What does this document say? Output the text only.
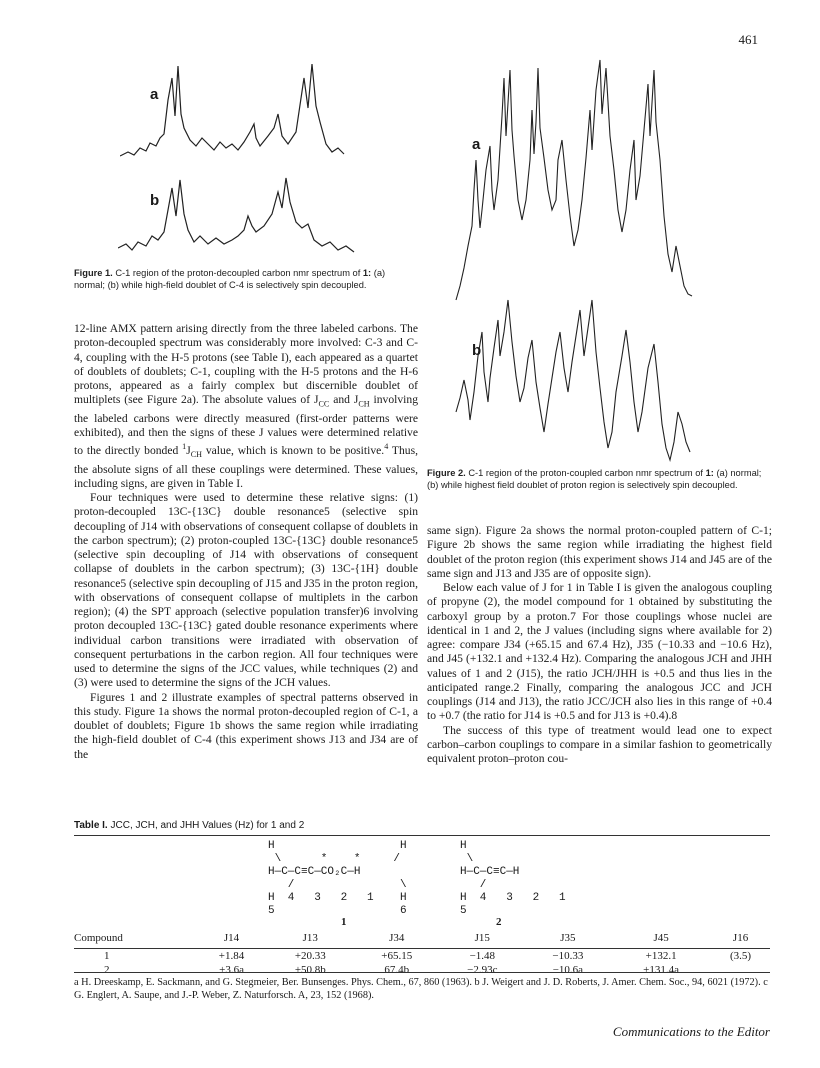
461
a
b
Figure 1. C-1 region of the proton-decoupled carbon nmr spectrum of 1: (a) normal; (b) while high-field doublet of C-4 is selectively spin decoupled.
a
b
Figure 2. C-1 region of the proton-coupled carbon nmr spectrum of 1: (a) normal; (b) while highest field doublet of proton region is selectively spin decoupled.

12-line AMX pattern arising directly from the three labeled carbons. The proton-decoupled spectrum was considerably more involved: C-3 and C-4, coupling with the H-5 protons (see Table I), each appeared as a quartet of doublets of doublets; C-1, coupling with the H-5 protons and the H-6 protons, appeared as a fairly complex but discernible doublet of multiplets (see Figure 2a). The absolute values of $J_{CC}$ and $J_{CH}$ involving the labeled carbons were directly measured (first-order patterns were exhibited), and then the signs of these J values were determined relative to the directly bonded $^1J_{CH}$ value, which is known to be positive.$^4$ Thus, the absolute signs of all these couplings were determined. These values, including signs, are given in Table I.

Four techniques were used to determine these relative signs: (1) proton-decoupled 13C-{13C} double resonance5 (selective spin decoupling of J14 with observations of consequent collapse of doublets in the carbon spectrum); (2) proton-coupled 13C-{13C} double resonance5 (selective spin decoupling of J14 with observations of consequent collapse of doublets in the carbon spectrum); (3) 13C-{1H} double resonance5 (selective spin decoupling of J15 and J35 in the proton region, with observations of consequent collapse of multiplets in the carbon region); (4) the SPT approach (selective population transfer)6 involving proton decoupled 13C-{13C} gated double resonance experiments where individual carbon transitions were irradiated with observation of consequent perturbations in the carbon region. All four techniques were used to determine the signs of the JCC values, while techniques (2) and (3) were used to determine the signs of the JCH values.

Figures 1 and 2 illustrate examples of spectral patterns observed in this study. Figure 1a shows the normal proton-decoupled region of C-1, a doublet of doublets; Figure 1b shows the same region while irradiating the high-field doublet of C-4 (this experiment shows J13 and J34 are of the

same sign). Figure 2a shows the normal proton-coupled pattern of C-1; Figure 2b shows the same region while irradiating the highest field doublet of the proton region (this experiment shows J14 and J45 are of the same sign and J13 and J35 are of opposite sign).

Below each value of J for 1 in Table I is given the analogous coupling of propyne (2), the model compound for 1 obtained by substituting the carboxyl group by a proton.7 For those couplings whose nuclei are identical in 1 and 2, the J values (including signs where available for 2) agree: compare J34 (+65.15 and 67.4 Hz), J35 (−10.33 and −10.6 Hz), and J45 (+132.1 and +132.4 Hz). Comparing the analogous JCH and JHH values of 1 and 2 (J15), the ratio JCH/JHH is +0.5 and thus lies in the anticipated range.2 Finally, comparing the analogous JCC and JCH couplings (J14 and J13), the ratio JCC/JCH also lies in this range of +0.4 to +0.7 (the ratio for J14 is +0.5 and for J13 is +0.4).8

The success of this type of treatment would lead one to expect carbon–carbon couplings to compare in a similar fashion to geometrically equivalent proton–proton cou-

Table I. JCC, JCH, and JHH Values (Hz) for 1 and 2
H                   H
\      *    *     /
H—C—C≡C—CO₂C—H
/                \
H  4   3   2   1    H
5                   6
1
H
\
H—C—C≡C—H
/
H  4   3   2   1
5
2
Compound	J14	J13	J34	J15	J35	J45	J16
1	+1.84	+20.33	+65.15	−1.48	−10.33	+132.1	(3.5)
2	+3.6a	+50.8b	67.4b	−2.93c	−10.6a	+131.4a	
a H. Dreeskamp, E. Sackmann, and G. Stegmeier, Ber. Bunsenges. Phys. Chem., 67, 860 (1963). b J. Weigert and J. D. Roberts, J. Amer. Chem. Soc., 94, 6021 (1972). c G. Englert, A. Saupe, and J.-P. Weber, Z. Naturforsch. A, 23, 152 (1968).
Communications to the Editor
